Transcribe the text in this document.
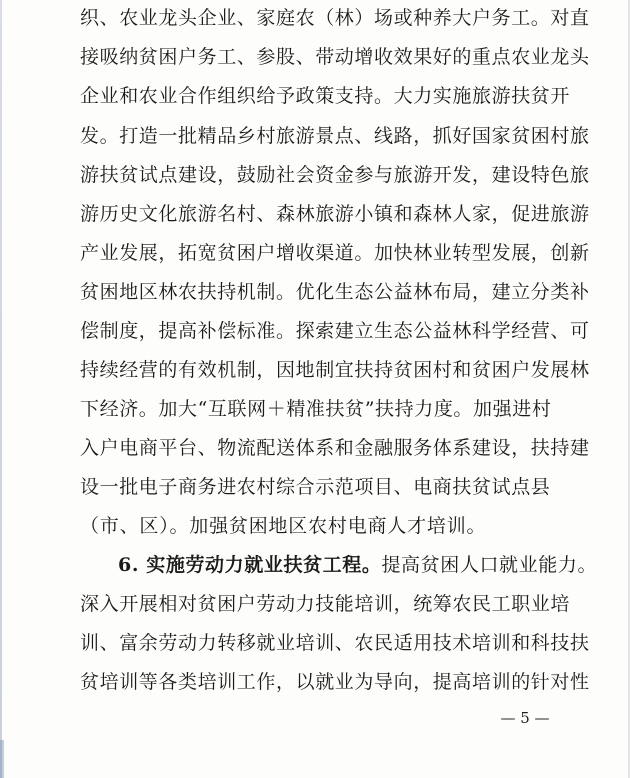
织、农业龙头企业、家庭农（林）场或种养大户务工。对直
接吸纳贫困户务工、参股、带动增收效果好的重点农业龙头
企业和农业合作组织给予政策支持。大力实施旅游扶贫开
发。打造一批精品乡村旅游景点、线路，抓好国家贫困村旅
游扶贫试点建设，鼓励社会资金参与旅游开发，建设特色旅
游历史文化旅游名村、森林旅游小镇和森林人家，促进旅游
产业发展，拓宽贫困户增收渠道。加快林业转型发展，创新
贫困地区林农扶持机制。优化生态公益林布局，建立分类补
偿制度，提高补偿标准。探索建立生态公益林科学经营、可
持续经营的有效机制，因地制宜扶持贫困村和贫困户发展林
下经济。加大“互联网＋精准扶贫”扶持力度。加强进村
入户电商平台、物流配送体系和金融服务体系建设，扶持建
设一批电子商务进农村综合示范项目、电商扶贫试点县
（市、区）。加强贫困地区农村电商人才培训。
6. 实施劳动力就业扶贫工程。提高贫困人口就业能力。
深入开展相对贫困户劳动力技能培训，统筹农民工职业培
训、富余劳动力转移就业培训、农民适用技术培训和科技扶
贫培训等各类培训工作，以就业为导向，提高培训的针对性
— 5 —
